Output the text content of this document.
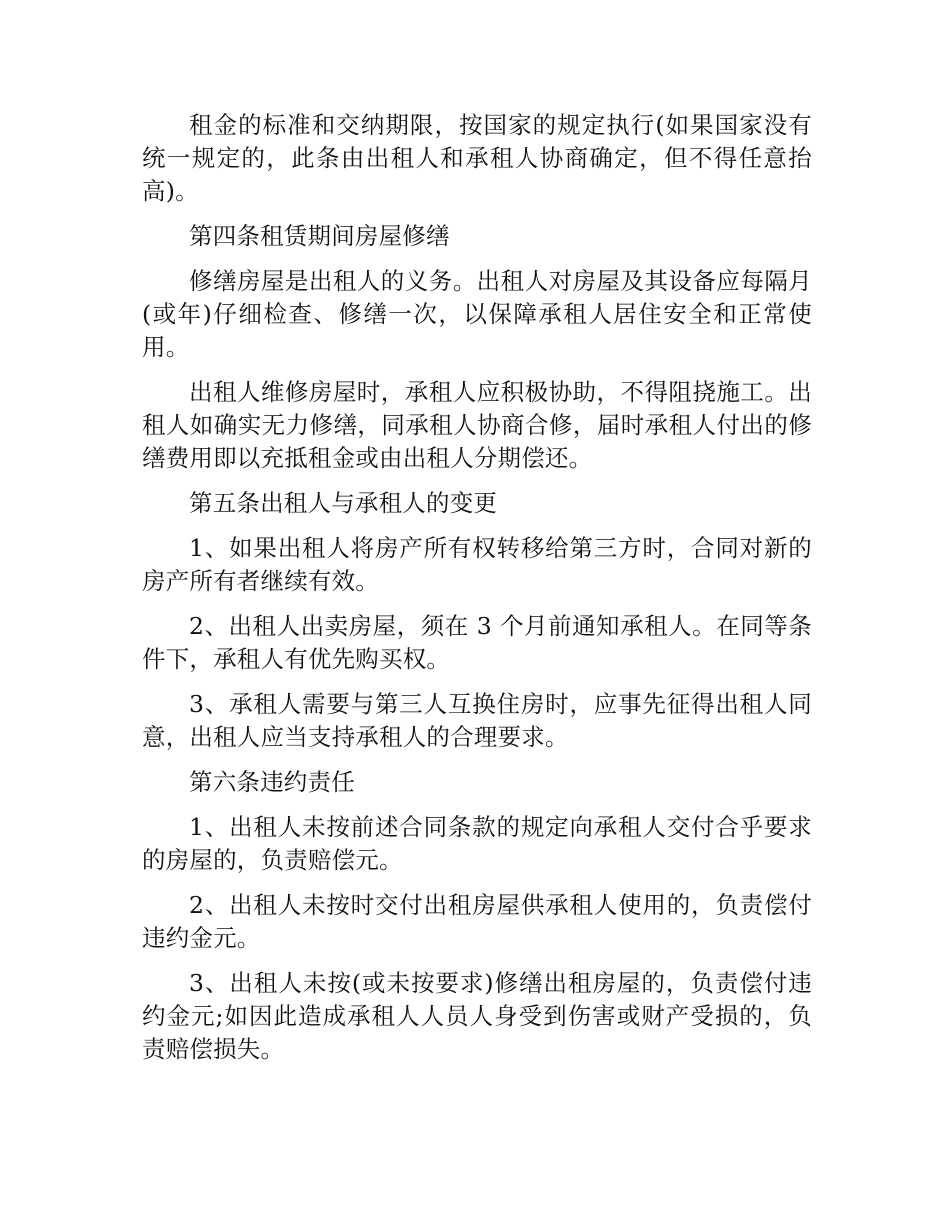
租金的标准和交纳期限，按国家的规定执行(如果国家没有统一规定的，此条由出租人和承租人协商确定，但不得任意抬高)。

第四条租赁期间房屋修缮

修缮房屋是出租人的义务。出租人对房屋及其设备应每隔月(或年)仔细检查、修缮一次，以保障承租人居住安全和正常使用。

出租人维修房屋时，承租人应积极协助，不得阻挠施工。出租人如确实无力修缮，同承租人协商合修，届时承租人付出的修缮费用即以充抵租金或由出租人分期偿还。

第五条出租人与承租人的变更

1、如果出租人将房产所有权转移给第三方时，合同对新的房产所有者继续有效。

2、出租人出卖房屋，须在 3 个月前通知承租人。在同等条件下，承租人有优先购买权。

3、承租人需要与第三人互换住房时，应事先征得出租人同意，出租人应当支持承租人的合理要求。

第六条违约责任

1、出租人未按前述合同条款的规定向承租人交付合乎要求的房屋的，负责赔偿元。

2、出租人未按时交付出租房屋供承租人使用的，负责偿付违约金元。

3、出租人未按(或未按要求)修缮出租房屋的，负责偿付违约金元;如因此造成承租人人员人身受到伤害或财产受损的，负责赔偿损失。
